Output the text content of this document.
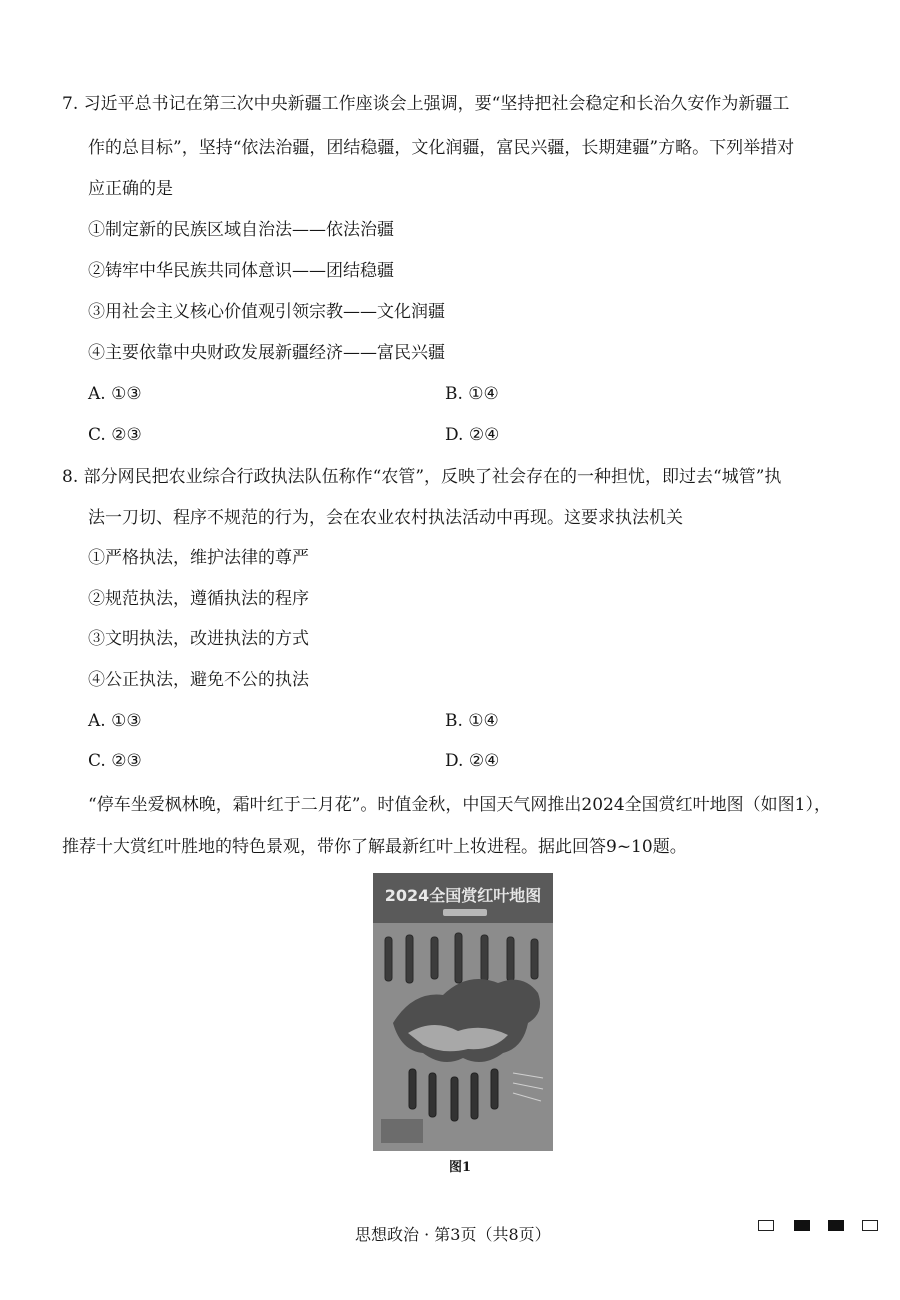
7. 习近平总书记在第三次中央新疆工作座谈会上强调，要“坚持把社会稳定和长治久安作为新疆工
作的总目标”，坚持“依法治疆，团结稳疆，文化润疆，富民兴疆，长期建疆”方略。下列举措对
应正确的是
①制定新的民族区域自治法——依法治疆
②铸牢中华民族共同体意识——团结稳疆
③用社会主义核心价值观引领宗教——文化润疆
④主要依靠中央财政发展新疆经济——富民兴疆
A. ①③	B. ①④
C. ②③	D. ②④
8. 部分网民把农业综合行政执法队伍称作“农管”，反映了社会存在的一种担忧，即过去“城管”执
法一刀切、程序不规范的行为，会在农业农村执法活动中再现。这要求执法机关
①严格执法，维护法律的尊严
②规范执法，遵循执法的程序
③文明执法，改进执法的方式
④公正执法，避免不公的执法
A. ①③	B. ①④
C. ②③	D. ②④
“停车坐爱枫林晚，霜叶红于二月花”。时值金秋，中国天气网推出2024全国赏红叶地图（如图1），
推荐十大赏红叶胜地的特色景观，带你了解最新红叶上妆进程。据此回答9~10题。
2024全国赏红叶地图
图1
思想政治 · 第3页（共8页）
